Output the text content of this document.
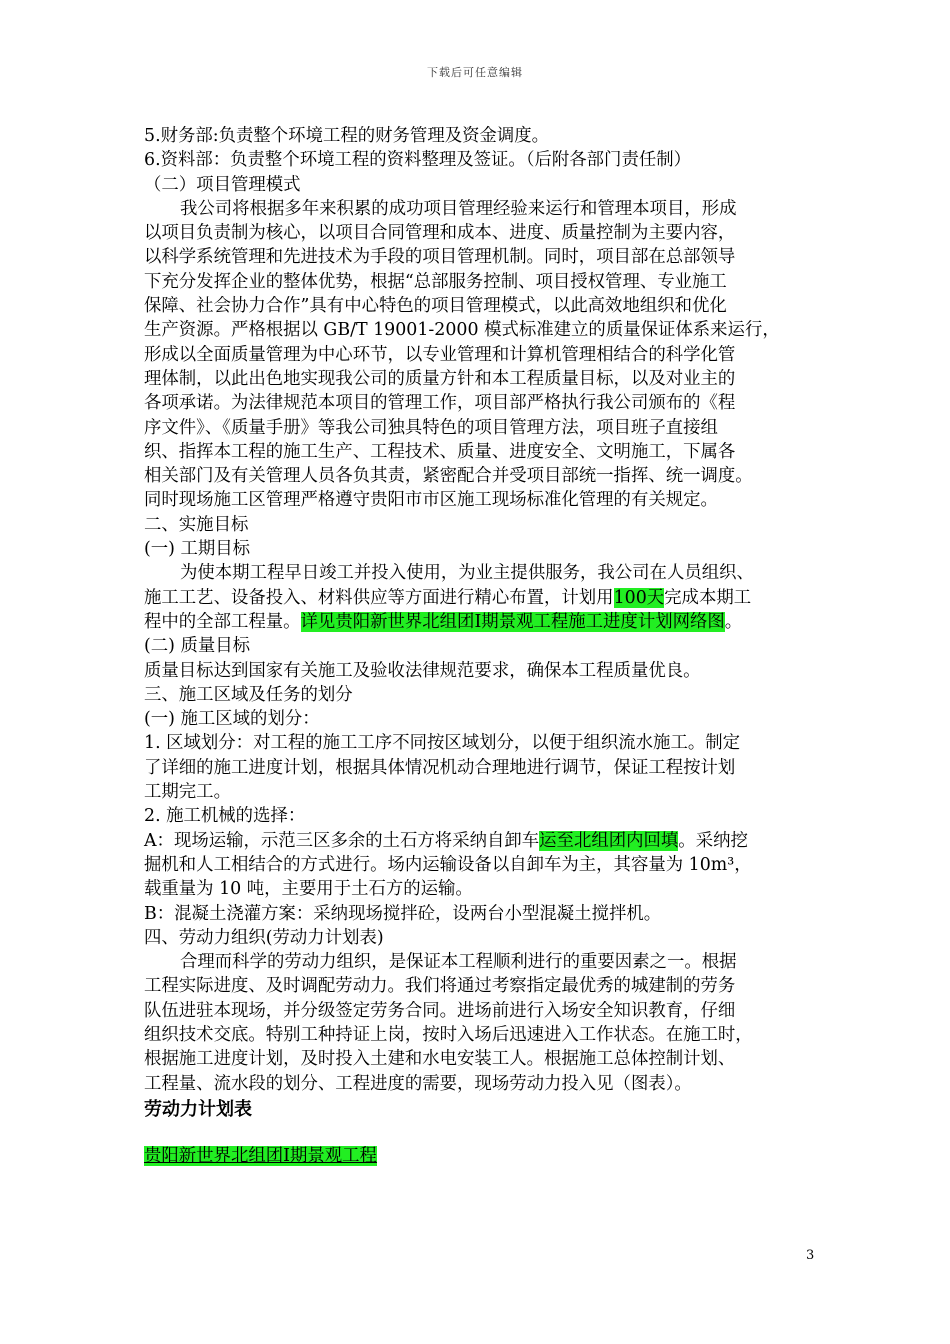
下载后可任意编辑

5.财务部:负责整个环境工程的财务管理及资金调度。

6.资料部：负责整个环境工程的资料整理及签证。（后附各部门责任制）

（二）项目管理模式

我公司将根据多年来积累的成功项目管理经验来运行和管理本项目，形成

以项目负责制为核心，以项目合同管理和成本、进度、质量控制为主要内容，

以科学系统管理和先进技术为手段的项目管理机制。同时，项目部在总部领导

下充分发挥企业的整体优势，根据“总部服务控制、项目授权管理、专业施工

保障、社会协力合作”具有中心特色的项目管理模式，以此高效地组织和优化

生产资源。严格根据以 GB/T 19001-2000 模式标准建立的质量保证体系来运行，

形成以全面质量管理为中心环节，以专业管理和计算机管理相结合的科学化管

理体制，以此出色地实现我公司的质量方针和本工程质量目标，以及对业主的

各项承诺。为法律规范本项目的管理工作，项目部严格执行我公司颁布的《程

序文件》、《质量手册》等我公司独具特色的项目管理方法，项目班子直接组

织、指挥本工程的施工生产、工程技术、质量、进度安全、文明施工，下属各

相关部门及有关管理人员各负其责，紧密配合并受项目部统一指挥、统一调度。

同时现场施工区管理严格遵守贵阳市市区施工现场标准化管理的有关规定。

二、实施目标

(一) 工期目标

为使本期工程早日竣工并投入使用，为业主提供服务，我公司在人员组织、

施工工艺、设备投入、材料供应等方面进行精心布置，计划用100天完成本期工

程中的全部工程量。详见贵阳新世界北组团Ⅰ期景观工程施工进度计划网络图。

(二) 质量目标

质量目标达到国家有关施工及验收法律规范要求，确保本工程质量优良。

三、施工区域及任务的划分

(一) 施工区域的划分：

1. 区域划分：对工程的施工工序不同按区域划分，以便于组织流水施工。制定

了详细的施工进度计划，根据具体情况机动合理地进行调节，保证工程按计划

工期完工。

2. 施工机械的选择：

A：现场运输，示范三区多余的土石方将采纳自卸车运至北组团内回填。采纳挖

掘机和人工相结合的方式进行。场内运输设备以自卸车为主，其容量为 10m³，

载重量为 10 吨，主要用于土石方的运输。

B：混凝土浇灌方案：采纳现场搅拌砼，设两台小型混凝土搅拌机。

四、劳动力组织(劳动力计划表)

合理而科学的劳动力组织，是保证本工程顺利进行的重要因素之一。根据

工程实际进度、及时调配劳动力。我们将通过考察指定最优秀的城建制的劳务

队伍进驻本现场，并分级签定劳务合同。进场前进行入场安全知识教育，仔细

组织技术交底。特别工种持证上岗，按时入场后迅速进入工作状态。在施工时，

根据施工进度计划，及时投入土建和水电安装工人。根据施工总体控制计划、

工程量、流水段的划分、工程进度的需要，现场劳动力投入见（图表）。

劳动力计划表

贵阳新世界北组团Ⅰ期景观工程

3
